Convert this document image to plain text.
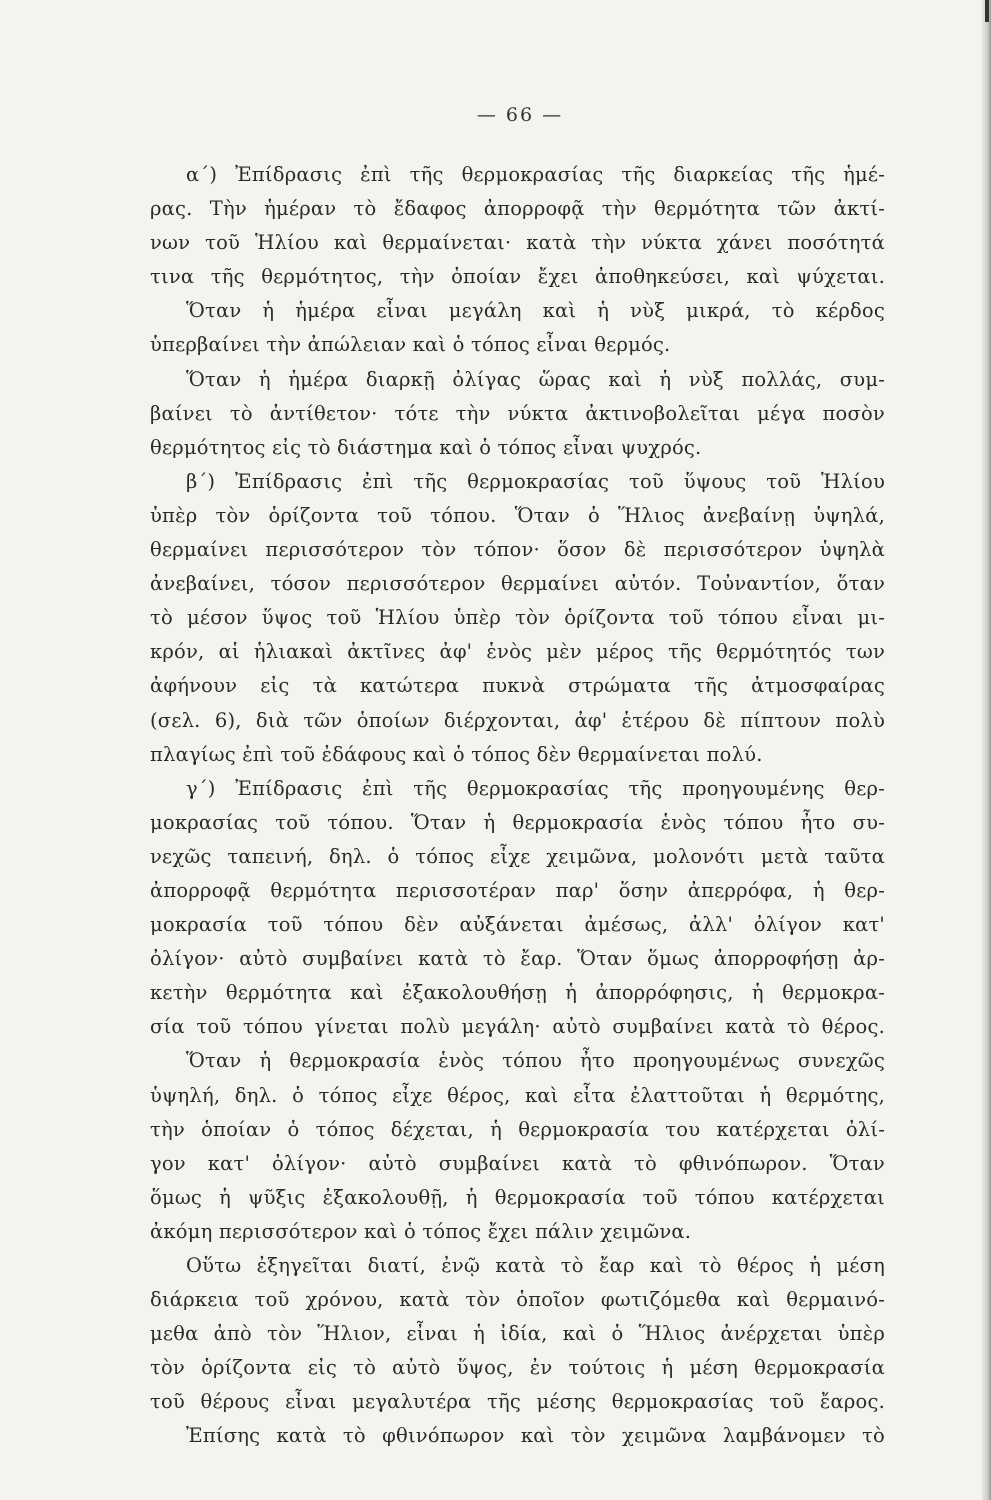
— 66 —
α΄) Ἐπίδρασις ἐπὶ τῆς θερμοκρασίας τῆς διαρκείας τῆς ἡμέ-
ρας. Τὴν ἡμέραν τὸ ἔδαφος ἀπορροφᾷ τὴν θερμότητα τῶν ἀκτί-
νων τοῦ Ἡλίου καὶ θερμαίνεται· κατὰ τὴν νύκτα χάνει ποσότητά
τινα τῆς θερμότητος, τὴν ὁποίαν ἔχει ἀποθηκεύσει, καὶ ψύχεται.
Ὅταν ἡ ἡμέρα εἶναι μεγάλη καὶ ἡ νὺξ μικρά, τὸ κέρδος
ὑπερβαίνει τὴν ἀπώλειαν καὶ ὁ τόπος εἶναι θερμός.
Ὅταν ἡ ἡμέρα διαρκῇ ὀλίγας ὥρας καὶ ἡ νὺξ πολλάς, συμ-
βαίνει τὸ ἀντίθετον· τότε τὴν νύκτα ἀκτινοβολεῖται μέγα ποσὸν
θερμότητος εἰς τὸ διάστημα καὶ ὁ τόπος εἶναι ψυχρός.
β΄) Ἐπίδρασις ἐπὶ τῆς θερμοκρασίας τοῦ ὕψους τοῦ Ἡλίου
ὑπὲρ τὸν ὁρίζοντα τοῦ τόπου. Ὅταν ὁ Ἥλιος ἀνεβαίνῃ ὑψηλά,
θερμαίνει περισσότερον τὸν τόπον· ὅσον δὲ περισσότερον ὑψηλὰ
ἀνεβαίνει, τόσον περισσότερον θερμαίνει αὐτόν. Τοὐναντίον, ὅταν
τὸ μέσον ὕψος τοῦ Ἡλίου ὑπὲρ τὸν ὁρίζοντα τοῦ τόπου εἶναι μι-
κρόν, αἱ ἡλιακαὶ ἀκτῖνες ἀφ' ἑνὸς μὲν μέρος τῆς θερμότητός των
ἀφήνουν εἰς τὰ κατώτερα πυκνὰ στρώματα τῆς ἀτμοσφαίρας
(σελ. 6), διὰ τῶν ὁποίων διέρχονται, ἀφ' ἑτέρου δὲ πίπτουν πολὺ
πλαγίως ἐπὶ τοῦ ἐδάφους καὶ ὁ τόπος δὲν θερμαίνεται πολύ.
γ΄) Ἐπίδρασις ἐπὶ τῆς θερμοκρασίας τῆς προηγουμένης θερ-
μοκρασίας τοῦ τόπου. Ὅταν ἡ θερμοκρασία ἑνὸς τόπου ἦτο συ-
νεχῶς ταπεινή, δηλ. ὁ τόπος εἶχε χειμῶνα, μολονότι μετὰ ταῦτα
ἀπορροφᾷ θερμότητα περισσοτέραν παρ' ὅσην ἀπερρόφα, ἡ θερ-
μοκρασία τοῦ τόπου δὲν αὐξάνεται ἀμέσως, ἀλλ' ὀλίγον κατ'
ὀλίγον· αὐτὸ συμβαίνει κατὰ τὸ ἔαρ. Ὅταν ὅμως ἀπορροφήσῃ ἀρ-
κετὴν θερμότητα καὶ ἐξακολουθήσῃ ἡ ἀπορρόφησις, ἡ θερμοκρα-
σία τοῦ τόπου γίνεται πολὺ μεγάλη· αὐτὸ συμβαίνει κατὰ τὸ θέρος.
Ὅταν ἡ θερμοκρασία ἑνὸς τόπου ἦτο προηγουμένως συνεχῶς
ὑψηλή, δηλ. ὁ τόπος εἶχε θέρος, καὶ εἶτα ἐλαττοῦται ἡ θερμότης,
τὴν ὁποίαν ὁ τόπος δέχεται, ἡ θερμοκρασία του κατέρχεται ὀλί-
γον κατ' ὀλίγον· αὐτὸ συμβαίνει κατὰ τὸ φθινόπωρον. Ὅταν
ὅμως ἡ ψῦξις ἐξακολουθῇ, ἡ θερμοκρασία τοῦ τόπου κατέρχεται
ἀκόμη περισσότερον καὶ ὁ τόπος ἔχει πάλιν χειμῶνα.
Οὕτω ἐξηγεῖται διατί, ἐνῷ κατὰ τὸ ἔαρ καὶ τὸ θέρος ἡ μέση
διάρκεια τοῦ χρόνου, κατὰ τὸν ὁποῖον φωτιζόμεθα καὶ θερμαινό-
μεθα ἀπὸ τὸν Ἥλιον, εἶναι ἡ ἰδία, καὶ ὁ Ἥλιος ἀνέρχεται ὑπὲρ
τὸν ὁρίζοντα εἰς τὸ αὐτὸ ὕψος, ἐν τούτοις ἡ μέση θερμοκρασία
τοῦ θέρους εἶναι μεγαλυτέρα τῆς μέσης θερμοκρασίας τοῦ ἔαρος.
Ἐπίσης κατὰ τὸ φθινόπωρον καὶ τὸν χειμῶνα λαμβάνομεν τὸ
